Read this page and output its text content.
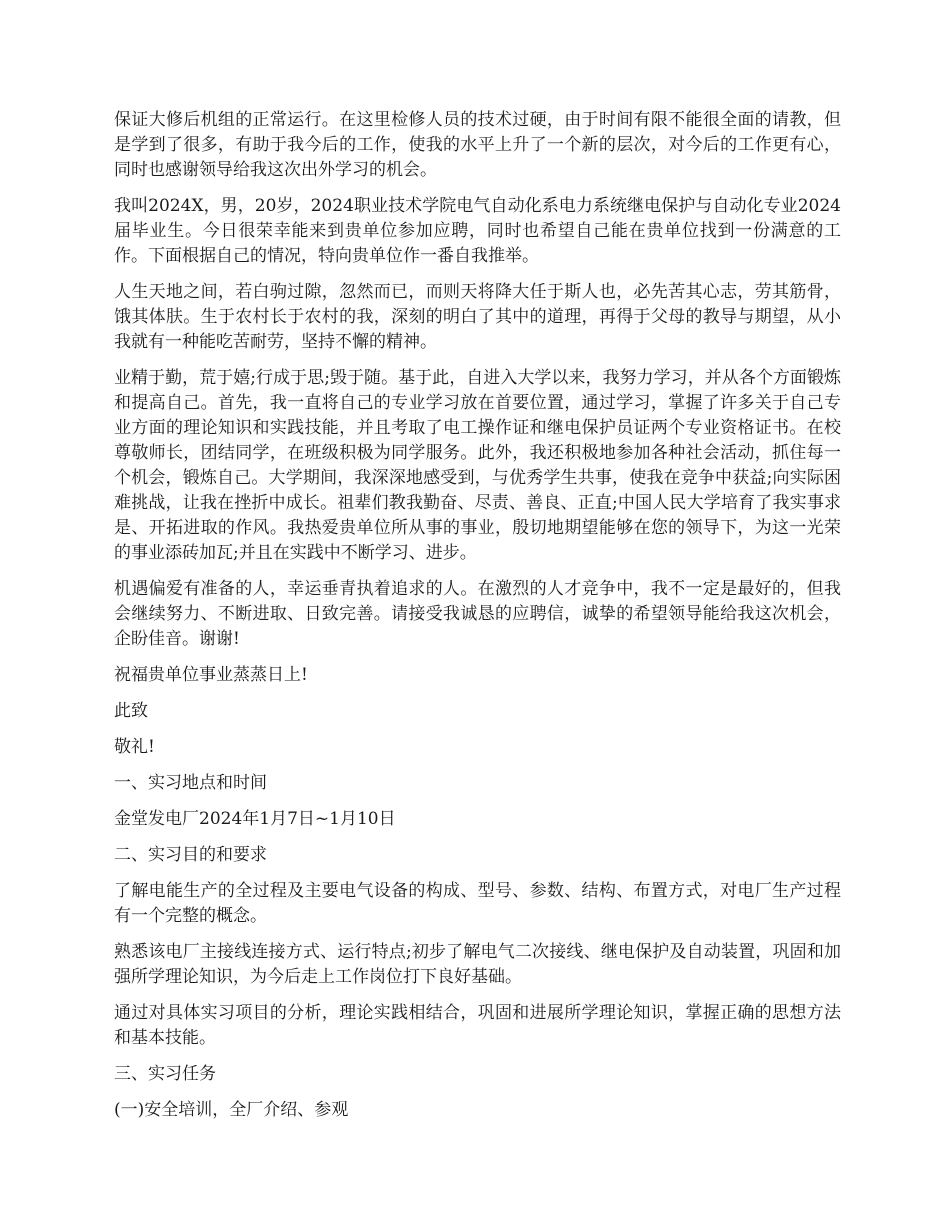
保证大修后机组的正常运行。在这里检修人员的技术过硬，由于时间有限不能很全面的请教，但是学到了很多，有助于我今后的工作，使我的水平上升了一个新的层次，对今后的工作更有心，同时也感谢领导给我这次出外学习的机会。

我叫2024X，男，20岁，2024职业技术学院电气自动化系电力系统继电保护与自动化专业2024届毕业生。今日很荣幸能来到贵单位参加应聘，同时也希望自己能在贵单位找到一份满意的工作。下面根据自己的情况，特向贵单位作一番自我推举。

人生天地之间，若白驹过隙，忽然而已，而则天将降大任于斯人也，必先苦其心志，劳其筋骨，饿其体肤。生于农村长于农村的我，深刻的明白了其中的道理，再得于父母的教导与期望，从小我就有一种能吃苦耐劳，坚持不懈的精神。

业精于勤，荒于嬉;行成于思;毁于随。基于此，自进入大学以来，我努力学习，并从各个方面锻炼和提高自己。首先，我一直将自己的专业学习放在首要位置，通过学习，掌握了许多关于自己专业方面的理论知识和实践技能，并且考取了电工操作证和继电保护员证两个专业资格证书。在校尊敬师长，团结同学，在班级积极为同学服务。此外，我还积极地参加各种社会活动，抓住每一个机会，锻炼自己。大学期间，我深深地感受到，与优秀学生共事，使我在竞争中获益;向实际困难挑战，让我在挫折中成长。祖辈们教我勤奋、尽责、善良、正直;中国人民大学培育了我实事求是、开拓进取的作风。我热爱贵单位所从事的事业，殷切地期望能够在您的领导下，为这一光荣的事业添砖加瓦;并且在实践中不断学习、进步。

机遇偏爱有准备的人，幸运垂青执着追求的人。在激烈的人才竞争中，我不一定是最好的，但我会继续努力、不断进取、日致完善。请接受我诚恳的应聘信，诚挚的希望领导能给我这次机会，企盼佳音。谢谢!

祝福贵单位事业蒸蒸日上!

此致

敬礼!

一、实习地点和时间

金堂发电厂2024年1月7日~1月10日

二、实习目的和要求

了解电能生产的全过程及主要电气设备的构成、型号、参数、结构、布置方式，对电厂生产过程有一个完整的概念。

熟悉该电厂主接线连接方式、运行特点;初步了解电气二次接线、继电保护及自动装置，巩固和加强所学理论知识，为今后走上工作岗位打下良好基础。

通过对具体实习项目的分析，理论实践相结合，巩固和进展所学理论知识，掌握正确的思想方法和基本技能。

三、实习任务

(一)安全培训，全厂介绍、参观
